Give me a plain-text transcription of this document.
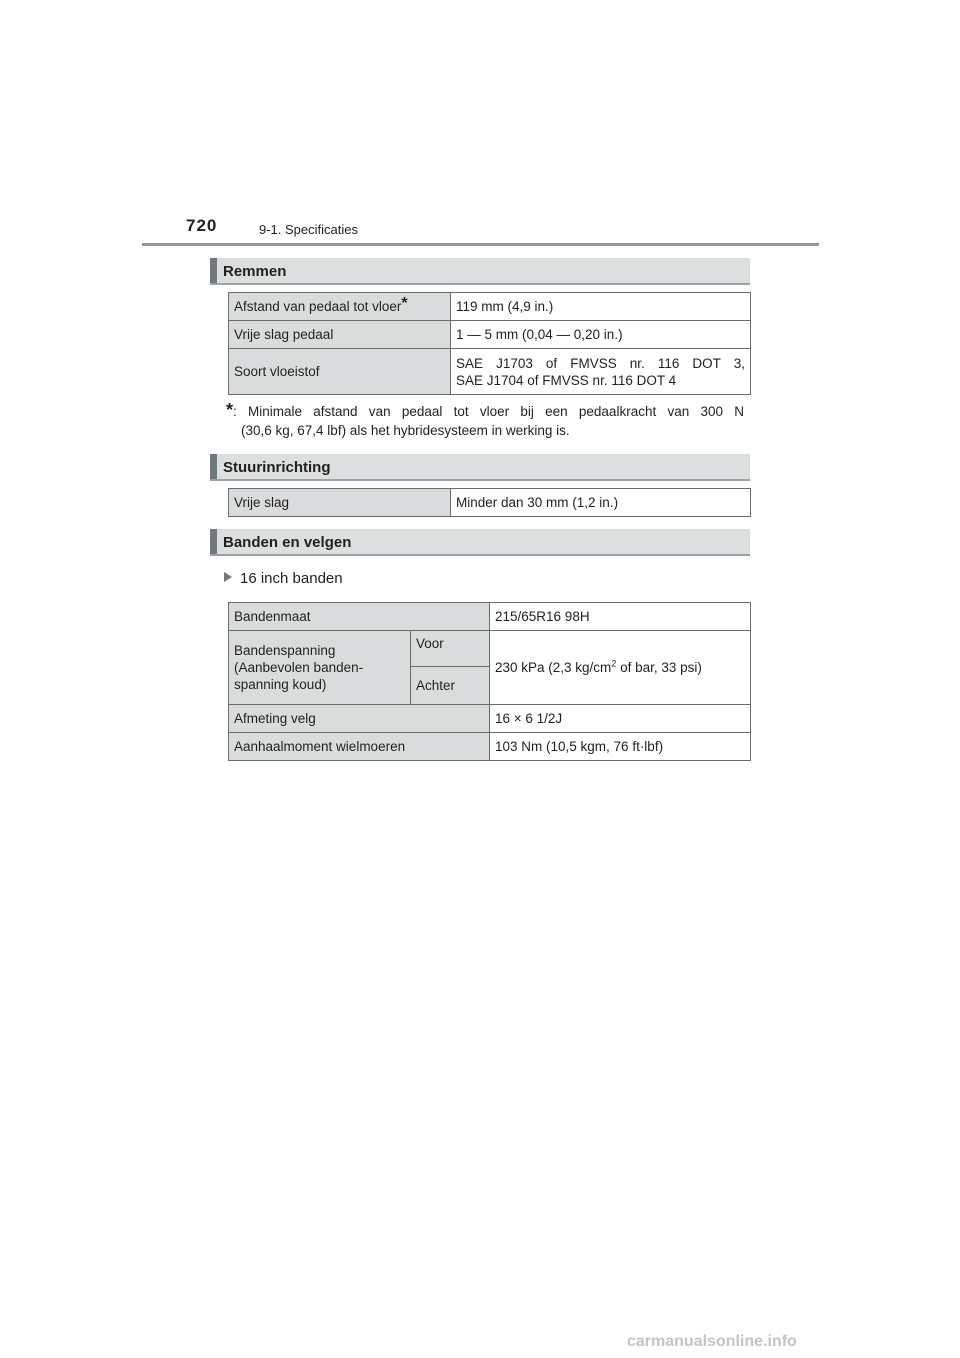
720	9-1. Specificaties
Remmen
Afstand van pedaal tot vloer*	119 mm (4,9 in.)
Vrije slag pedaal	1 — 5 mm (0,04 — 0,20 in.)
Soort vloeistof	SAE J1703 of FMVSS nr. 116 DOT 3,
SAE J1704 of FMVSS nr. 116 DOT 4
*: Minimale afstand van pedaal tot vloer bij een pedaalkracht van 300 N
(30,6 kg, 67,4 lbf) als het hybridesysteem in werking is.
Stuurinrichting
Vrije slag	Minder dan 30 mm (1,2 in.)
Banden en velgen
16 inch banden
Bandenmaat		215/65R16 98H

Bandenspanning
(Aanbevolen banden-
spanning koud)	Voor	230 kPa (2,3 $kg/cm^2$ of bar, 33 psi)
	Achter	
Afmeting velg		16 × 6 1/2J
Aanhaalmoment wielmoeren		103 Nm (10,5 kgm, 76 ft·lbf)
carmanualsonline.info
